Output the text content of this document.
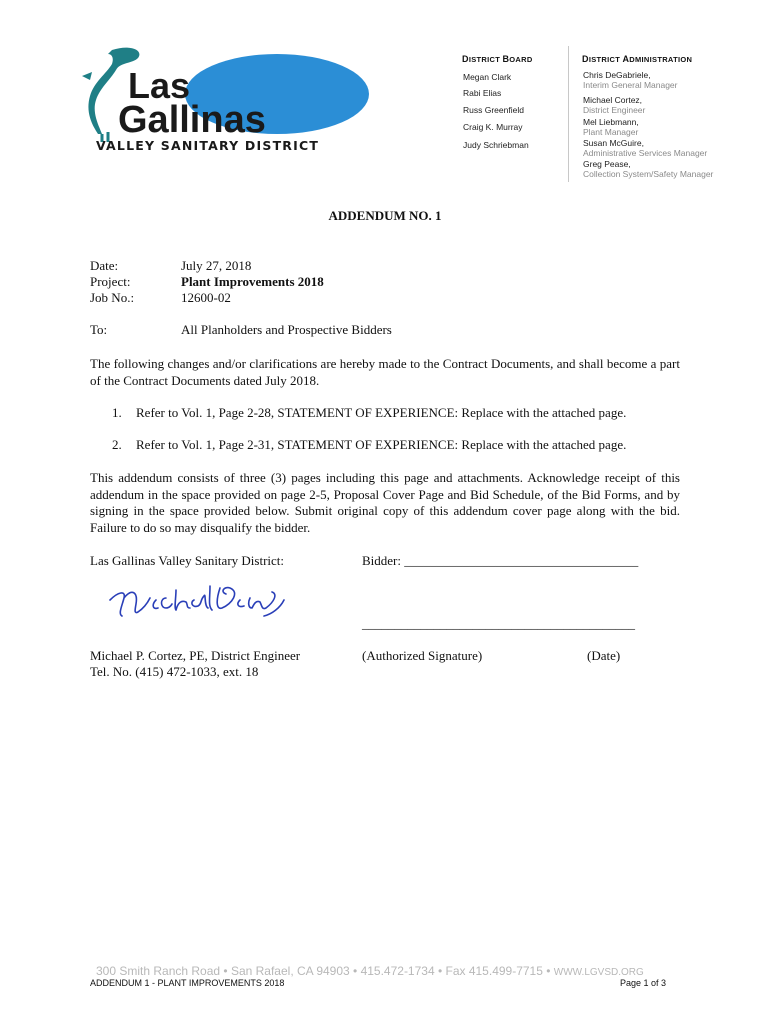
Las
Gallinas
VALLEY SANITARY DISTRICT
DISTRICT BOARD
Megan Clark
Rabi Elias
Russ Greenfield
Craig K. Murray
Judy Schriebman
DISTRICT ADMINISTRATION
Chris DeGabriele,
Interim General Manager
Michael Cortez,
District Engineer
Mel Liebmann,
Plant Manager
Susan McGuire,
Administrative Services Manager
Greg Pease,
Collection System/Safety Manager
ADDENDUM NO. 1
Date:	July 27, 2018
Project:	Plant Improvements 2018
Job No.:	12600-02
To:	All Planholders and Prospective Bidders
The following changes and/or clarifications are hereby made to the Contract Documents, and shall become a part of the Contract Documents dated July 2018.
1. Refer to Vol. 1, Page 2-28, STATEMENT OF EXPERIENCE: Replace with the attached page.
2. Refer to Vol. 1, Page 2-31, STATEMENT OF EXPERIENCE: Replace with the attached page.
This addendum consists of three (3) pages including this page and attachments. Acknowledge receipt of this addendum in the space provided on page 2-5, Proposal Cover Page and Bid Schedule, of the Bid Forms, and by signing in the space provided below. Submit original copy of this addendum cover page along with the bid. Failure to do so may disqualify the bidder.
Las Gallinas Valley Sanitary District:	Bidder: ____________________________________
__________________________________________
Michael P. Cortez, PE, District Engineer
Tel. No. (415) 472-1033, ext. 18
(Authorized Signature)	(Date)
300 Smith Ranch Road • San Rafael, CA 94903 • 415.472-1734 • Fax 415.499-7715 • WWW.LGVSD.ORG
ADDENDUM 1 - PLANT IMPROVEMENTS 2018	Page 1 of 3
